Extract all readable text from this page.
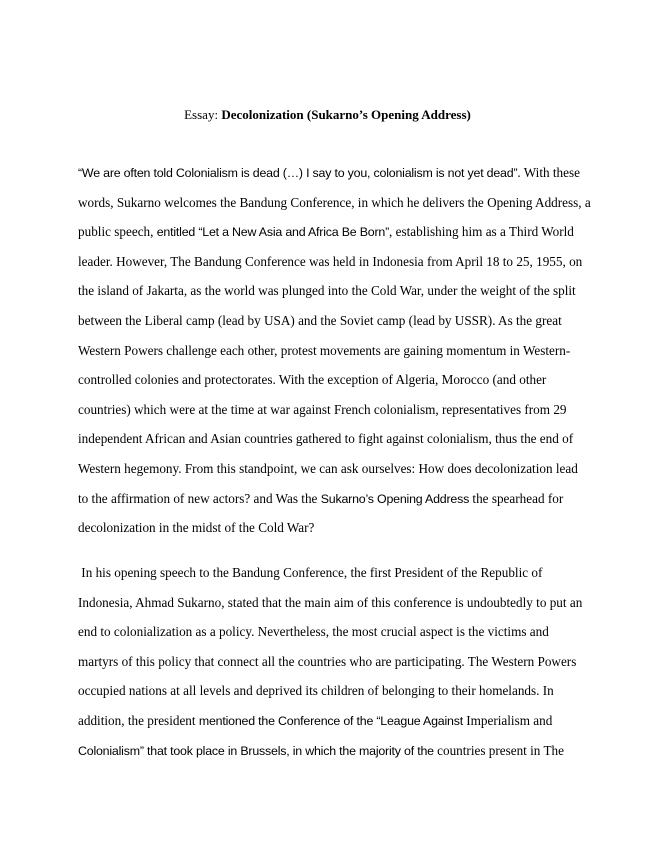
Essay: Decolonization (Sukarno’s Opening Address)
“We are often told Colonialism is dead (…) I say to you, colonialism is not yet dead”. With these
words, Sukarno welcomes the Bandung Conference, in which he delivers the Opening Address, a
public speech, entitled “Let a New Asia and Africa Be Born”, establishing him as a Third World
leader. However, The Bandung Conference was held in Indonesia from April 18 to 25, 1955, on
the island of Jakarta, as the world was plunged into the Cold War, under the weight of the split
between the Liberal camp (lead by USA) and the Soviet camp (lead by USSR). As the great
Western Powers challenge each other, protest movements are gaining momentum in Western-
controlled colonies and protectorates. With the exception of Algeria, Morocco (and other
countries) which were at the time at war against French colonialism, representatives from 29
independent African and Asian countries gathered to fight against colonialism, thus the end of
Western hegemony. From this standpoint, we can ask ourselves: How does decolonization lead
to the affirmation of new actors? and Was the Sukarno’s Opening Address the spearhead for
decolonization in the midst of the Cold War?
In his opening speech to the Bandung Conference, the first President of the Republic of
Indonesia, Ahmad Sukarno, stated that the main aim of this conference is undoubtedly to put an
end to colonialization as a policy. Nevertheless, the most crucial aspect is the victims and
martyrs of this policy that connect all the countries who are participating. The Western Powers
occupied nations at all levels and deprived its children of belonging to their homelands. In
addition, the president mentioned the Conference of the “League Against Imperialism and
Colonialism” that took place in Brussels, in which the majority of the countries present in The
